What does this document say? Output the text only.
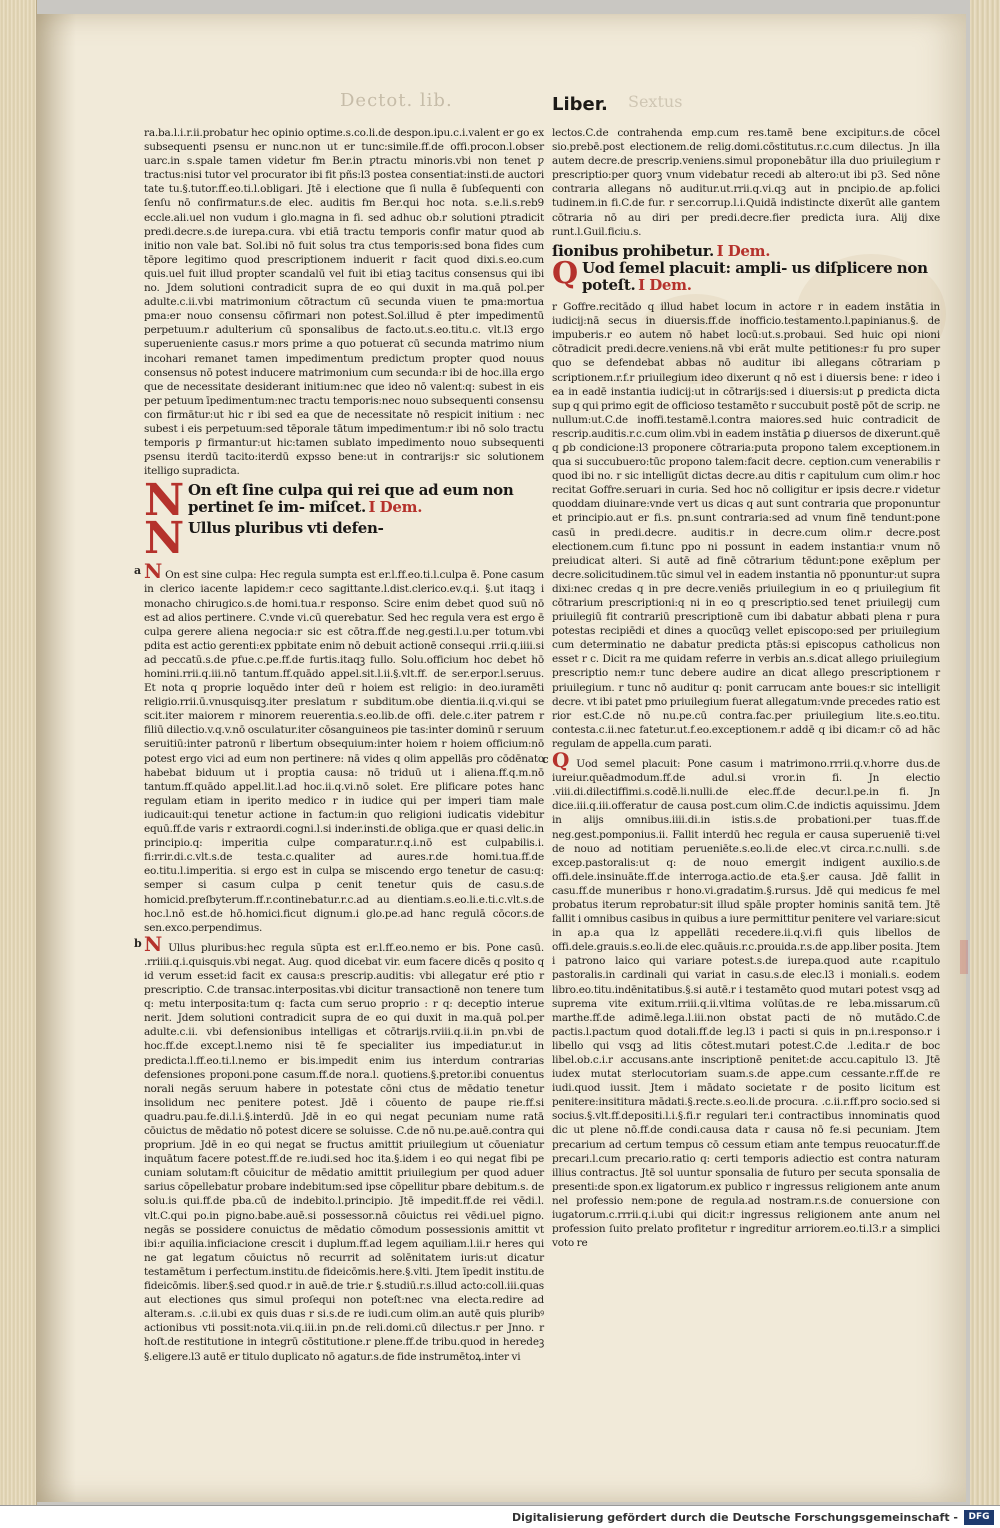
Dectot. lib.	Liber. Sextus

ra.ba.l.i.r.ii.probatur hec opinio optime.s.co.li.de despon.ipu.c.i.valent er go ex subsequenti ƿsensu er nunc.non ut er tunc:simile.ff.de offi.procon.l.obser uarc.in s.spale tamen videtur fm Ber.in ƿtractu minoris.vbi non tenet ƿ tractus:nisi tutor vel procurator ibi fit pñs:l3 postea consentiat:insti.de auctori tate tu.§.tutor.ff.eo.ti.l.obligari. Jtē i electione que ſi nulla ē ſubſequenti con ſenſu nō confirmatur.s.de elec. auditis fm Ber.qui hoc nota. s.e.li.s.reb9 eccle.ali.uel non vudum i glo.magna in fi. sed adhuc ob.r solutioni ƿtradicit predi.decre.s.de iurepa.cura. vbi etiā tractu temporis confir matur quod ab initio non vale bat. Sol.ibi nō fuit solus tra ctus temporis:sed bona fides cum tēpore legitimo quod prescriptionem induerit r facit quod dixi.s.eo.cum quis.uel fuit illud propter scandalū vel fuit ibi etiaꝫ tacitus consensus qui ibi no. Jdem solutioni contradicit supra de eo qui duxit in ma.quā pol.per adulte.c.ii.vbi matrimonium cōtractum cū secunda viuen te pma:mortua pma:er nouo consensu cōfirmari non potest.Sol.illud ē pter impedimentū perpetuum.r adulterium cū sponsalibus de facto.ut.s.eo.titu.c. vlt.l3 ergo superueniente casus.r mors prime a quo potuerat cū secunda matrimo nium incohari remanet tamen impedimentum predictum propter quod nouus consensus nō potest inducere matrimonium cum secunda:r ibi de hoc.illa ergo que de necessitate desiderant initium:nec que ideo nō valent:q: subest in eis per petuum īpedimentum:nec tractu temporis:nec nouo subsequenti consensu con firmātur:ut hic r ibi sed ea que de necessitate nō respicit initium : nec subest i eis perpetuum:sed tēporale tātum impedimentum:r ibi nō solo tractu temporis ƿ firmantur:ut hic:tamen sublato impedimento nouo subsequenti ƿsensu iterdū tacito:iterdū expsso bene:ut in contrarijs:r sic solutionem itelligo supradicta.

N On eſt ſine culpa qui rei que ad eum non pertinet ſe im- miſcet. I Dem.
N Ullus pluribus vti defen-

a N On est sine culpa: Hec regula sumpta est er.l.ff.eo.ti.l.culpa ē. Pone casum in clerico iacente lapidem:r ceco sagittante.l.dist.clerico.ev.q.i. §.ut itaqꝫ i monacho chirugico.s.de homi.tua.r responso. Scire enim debet quod suū nō est ad alios pertinere. C.vnde vi.cū querebatur. Sed hec regula vera est ergo ē culpa gerere aliena negocia:r sic est cōtra.ff.de neg.gesti.l.u.per totum.vbi pdita est actio gerenti:ex ppbitate enim nō debuit actionē consequi .rrii.q.iiii.si ad peccatū.s.de ƿfue.c.pe.ff.de furtis.itaqꝫ fullo. Solu.officium hoc debet hō homini.rrii.q.iii.nō tantum.ff.quādo appel.sit.l.ii.§.vlt.ff. de ser.erpor.l.seruus. Et nota q proprie loquēdo inter deū r hoiem est religio: in deo.iuramēti religio.rrii.ū.vnusquisqꝫ.iter preslatum r subditum.obe dientia.ii.q.vi.qui se scit.iter maiorem r minorem reuerentia.s.eo.lib.de offi. dele.c.iter patrem r filiū dilectio.v.q.v.nō osculatur.iter cōsanguineos pie tas:inter dominū r seruum seruitiū:inter patronū r libertum obsequium:inter hoiem r hoiem officium:nō potest ergo vici ad eum non pertinere: nā vides q olim appellās pro cōdēnato habebat biduum ut i proptia causa: nō triduū ut i aliena.ff.q.m.nō tantum.ff.quādo appel.lit.l.ad hoc.ii.q.vi.nō solet. Ere plificare potes hanc regulam etiam in iperito medico r in iudice qui per imperi tiam male iudicauit:qui tenetur actione in factum:in quo religioni iudicatis videbitur equū.ff.de varis r extraordi.cogni.l.si inder.insti.de obliga.que er quasi delic.in principio.q: imperitia culpe comparatur.r.q.i.nō est culpabilis.i. fi:rrir.di.c.vlt.s.de testa.c.qualiter ad aures.r.de homi.tua.ff.de eo.titu.l.imperitia. si ergo est in culpa se miscendo ergo tenetur de casu:q: semper si casum culpa p cenit tenetur quis de casu.s.de homicid.preſbyterum.ff.r.continebatur.r.c.ad au dientiam.s.eo.li.e.ti.c.vlt.s.de hoc.l.nō est.de hō.homici.ficut dignum.i glo.pe.ad hanc regulā cōcor.s.de sen.exco.perpendimus.

b N Ullus pluribus:hec regula sūpta est er.l.ff.eo.nemo er bis. Pone casū. .rriiii.q.i.quisquis.vbi negat. Aug. quod dicebat vir. eum facere dicēs q posito q id verum esset:id facit ex causa:s prescrip.auditis: vbi allegatur eré ptio r prescriptio. C.de transac.interpositas.vbi dicitur transactionē non tenere tum q: metu interposita:tum q: facta cum seruo proprio : r q: deceptio interue nerit. Jdem solutioni contradicit supra de eo qui duxit in ma.quā pol.per adulte.c.ii. vbi defensionibus intelligas et cōtrarijs.rviii.q.ii.in pn.vbi de hoc.ff.de except.l.nemo nisi tē fe specialiter ius impediatur.ut in predicta.l.ff.eo.ti.l.nemo er bis.impedit enim ius interdum contrarias defensiones proponi.pone casum.ff.de nora.l. quotiens.§.pretor.ibi conuentus norali negās seruum habere in potestate cōni ctus de mēdatio tenetur insolidum nec penitere potest. Jdē i cōuento de paupe rie.ff.si quadru.pau.fe.di.l.i.§.interdū. Jdē in eo qui negat pecuniam nume ratā cōuictus de mēdatio nō potest dicere se soluisse. C.de nō nu.pe.auē.contra qui proprium. Jdē in eo qui negat se fructus amittit priuilegium ut cōueniatur inquātum facere potest.ff.de re.iudi.sed hoc ita.§.idem i eo qui negat fibi pe cuniam solutam:ft cōuicitur de mēdatio amittit priuilegium per quod aduer sarius cōpellebatur probare indebitum:sed ipse cōpellitur pbare debitum.s. de solu.is qui.ff.de pba.cū de indebito.l.principio. Jtē impedit.ff.de rei vēdi.l. vlt.C.qui po.in pigno.babe.auē.si possessor.nā cōuictus rei vēdi.uel pigno. negās se possidere conuictus de mēdatio cōmodum possessionis amittit vt ibi:r aquilia.inficiacione crescit i duplum.ff.ad legem aquiliam.l.ii.r heres qui ne gat legatum cōuictus nō recurrit ad solēnitatem iuris:ut dicatur testamētum i perfectum.institu.de fideicōmis.here.§.vlti. Jtem īpedit institu.de fideicōmis. liber.§.sed quod.r in auē.de trie.r §.studiū.r.s.illud acto:coll.iii.quas aut electiones qus simul proſequi non poteſt:nec vna electa.redire ad alteram.s. .c.ii.ubi ex quis duas r si.s.de re iudi.cum olim.an autē quis pluribꝰ actionibus vti possit:nota.vii.q.iii.in pn.de reli.domi.cū dilectus.r per Jnno. r hoſt.de restitutione in integrū cōstitutione.r plene.ff.de tribu.quod in heredeꝫ §.eligere.l3 autē er titulo duplicato nō agatur.s.de fide instrumētoꝝ.inter vi

lectos.C.de contrahenda emp.cum res.tamē bene excipitur.s.de cōcel sio.prebē.post electionem.de relig.domi.cōstitutus.r.c.cum dilectus. Jn illa autem decre.de prescrip.veniens.simul proponebātur illa duo priuilegium r prescriptio:per quorꝫ vnum videbatur recedi ab altero:ut ibi p3. Sed nōne contraria allegans nō auditur.ut.rrii.q.vi.qꝫ aut in pncipio.de ap.folici tudinem.in fi.C.de fur. r ser.corrup.l.i.Quidā indistincte dixerūt alle gantem cōtraria nō au diri per predi.decre.fier predicta iura. Alij dixe runt.l.Guil.ficiu.s.

ſionibus prohibetur. I Dem.
Q Uod ſemel placuit: ampli- us diſplicere non poteſt. I Dem.

r Goffre.recitādo q illud habet locum in actore r in eadem instātia in iudicij:nā secus in diuersis.ff.de inofficio.testamento.l.papinianus.§. de impuberis.r eo autem nō habet locū:ut.s.probaui. Sed huic opi nioni cōtradicit predi.decre.veniens.nā vbi erāt multe petitiones:r fu pro super quo se defendebat abbas nō auditur ibi allegans cōtrariam p scriptionem.r.f.r priuilegium ideo dixerunt q nō est i diuersis bene: r ideo i ea in eadē instantia iudicij:ut in cōtrarijs:sed i diuersis:ut ꝑ predicta dicta sup q qui primo egit de officioso testamēto r succubuit postē pōt de scrip. ne nullum:ut.C.de inoffi.testamē.l.contra maiores.sed huic contradicit de rescrip.auditis.r.c.cum olim.vbi in eadem instātia ꝑ diuersos de dixerunt.quē q ꝑb condicione:l3 proponere cōtraria:puta propono talem exceptionem.in qua si succubuero:tūc propono talem:facit decre. ception.cum venerabilis r quod ibi no. r sic intelligūt dictas decre.au ditis r capitulum cum olim.r hoc recitat Goffre.seruari in curia. Sed hoc nō colligitur er ipsis decre.r videtur quoddam diuinare:vnde vert us dicas q aut sunt contraria que proponuntur et principio.aut er fi.s. pn.sunt contraria:sed ad vnum finē tendunt:pone casū in predi.decre. auditis.r in decre.cum olim.r decre.post electionem.cum fi.tunc ppo ni possunt in eadem instantia:r vnum nō preiudicat alteri. Si autē ad finē cōtrarium tēdunt:pone exēplum per decre.solicitudinem.tūc simul vel in eadem instantia nō pponuntur:ut supra dixi:nec credas q in pre decre.veniēs priuilegium in eo q priuilegium fit cōtrarium prescriptioni:q ni in eo q prescriptio.sed tenet priuilegij cum priuilegiū fit contrariū prescriptionē cum ibi dabatur abbati plena r pura potestas recipiēdi et dines a quocūqꝫ vellet episcopo:sed per priuilegium cum determinatio ne dabatur predicta ptās:si episcopus catholicus non esset r c. Dicit ra me quidam referre in verbis an.s.dicat allego priuilegium prescriptio nem:r tunc debere audire an dicat allego prescriptionem r priuilegium. r tunc nō auditur q: ponit carrucam ante boues:r sic intelligit decre. vt ibi patet pmo priuilegium fuerat allegatum:vnde precedes ratio est rior est.C.de nō nu.pe.cū contra.fac.per priuilegium lite.s.eo.titu. contesta.c.ii.nec fatetur.ut.f.eo.exceptionem.r addē q ibi dicam:r cō ad hāc regulam de appella.cum parati.

c Q Uod semel placuit: Pone casum i matrimono.rrrii.q.v.horre dus.de iureiur.quēadmodum.ff.de adul.si vror.in fi. Jn electio .viii.di.dilectiffimi.s.codē.li.nulli.de elec.ff.de decur.l.pe.in fi. Jn dice.iii.q.iii.offeratur de causa post.cum olim.C.de indictis aquissimu. Jdem in alijs omnibus.iiii.di.in istis.s.de probationi.per tuas.ff.de neg.gest.pomponius.ii. Fallit interdū hec regula er causa superueniē ti:vel de nouo ad notitiam perueniēte.s.eo.li.de elec.vt circa.r.c.nulli. s.de excep.pastoralis:ut q: de nouo emergit indigent auxilio.s.de offi.dele.insinuāte.ff.de interroga.actio.de eta.§.er causa. Jdē fallit in casu.ff.de muneribus r hono.vi.gradatim.§.rursus. Jdē qui medicus fe mel probatus iterum reprobatur:sit illud spāle propter hominis sanitā tem. Jtē fallit i omnibus casibus in quibus a iure permittitur penitere vel variare:sicut in ap.a qua lz appellāti recedere.ii.q.vi.fi quis libellos de offi.dele.grauis.s.eo.li.de elec.quāuis.r.c.prouida.r.s.de app.liber posita. Jtem i patrono laico qui variare potest.s.de iurepa.quod aute r.capitulo pastoralis.in cardinali qui variat in casu.s.de elec.l3 i moniali.s. eodem libro.eo.titu.indēnitatibus.§.si autē.r i testamēto quod mutari potest vsqꝫ ad suprema vite exitum.rriii.q.ii.vltima volūtas.de re leba.missarum.cū marthe.ff.de adimē.lega.l.iii.non obstat pacti de nō mutādo.C.de pactis.l.pactum quod dotali.ff.de leg.l3 i pacti si quis in pn.i.responso.r i libello qui vsqꝫ ad litis cōtest.mutari potest.C.de .l.edita.r de boc libel.ob.c.i.r accusans.ante inscriptionē penitet:de accu.capitulo l3. Jtē iudex mutat sterlocutoriam suam.s.de appe.cum cessante.r.ff.de re iudi.quod iussit. Jtem i mādato societate r de posito licitum est penitere:insititura mādati.§.recte.s.eo.li.de procura. .c.ii.r.ff.pro socio.sed si socius.§.vlt.ff.depositi.l.i.§.fi.r regulari ter.i contractibus innominatis quod dic ut plene nō.ff.de condi.causa data r causa nō fe.si pecuniam. Jtem precarium ad certum tempus cō cessum etiam ante tempus reuocatur.ff.de precari.l.cum precario.ratio q: certi temporis adiectio est contra naturam illius contractus. Jtē sol uuntur sponsalia de futuro per secuta sponsalia de presenti:de spon.ex ligatorum.ex publico r ingressus religionem ante anum nel professio nem:pone de regula.ad nostram.r.s.de conuersione con iugatorum.c.rrrii.q.i.ubi qui dicit:r ingressus religionem ante anum nel profession ſuito prelato profitetur r ingreditur arriorem.eo.ti.l3.r a simplici voto re

Digitalisierung gefördert durch die Deutsche Forschungsgemeinschaft -	DFG
